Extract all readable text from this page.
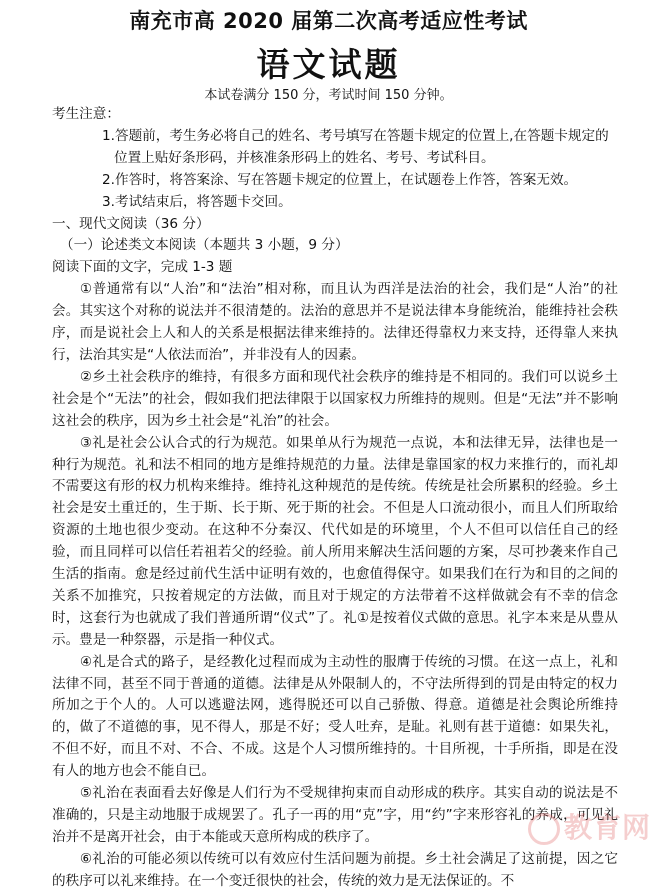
南充市高 2020 届第二次高考适应性考试
语文试题
本试卷满分 150 分，考试时间 150 分钟。

考生注意：

1.答题前，考生务必将自己的姓名、考号填写在答题卡规定的位置上,在答题卡规定的位置上贴好条形码，并核准条形码上的姓名、考号、考试科目。

2.作答时，将答案涂、写在答题卡规定的位置上，在试题卷上作答，答案无效。

3.考试结束后，将答题卡交回。

一、现代文阅读（36 分）

（一）论述类文本阅读（本题共 3 小题，9 分）

阅读下面的文字，完成 1-3 题

①普通常有以“人治”和“法治”相对称，而且认为西洋是法治的社会，我们是“人治”的社会。其实这个对称的说法并不很清楚的。法治的意思并不是说法律本身能统治，能维持社会秩序，而是说社会上人和人的关系是根据法律来维持的。法律还得靠权力来支持，还得靠人来执行，法治其实是“人依法而治”，并非没有人的因素。

②乡土社会秩序的维持，有很多方面和现代社会秩序的维持是不相同的。我们可以说乡土社会是个“无法”的社会，假如我们把法律限于以国家权力所维持的规则。但是“无法”并不影响这社会的秩序，因为乡土社会是“礼治”的社会。

③礼是社会公认合式的行为规范。如果单从行为规范一点说，本和法律无异，法律也是一种行为规范。礼和法不相同的地方是维持规范的力量。法律是靠国家的权力来推行的，而礼却不需要这有形的权力机构来维持。维持礼这种规范的是传统。传统是社会所累积的经验。乡土社会是安土重迁的，生于斯、长于斯、死于斯的社会。不但是人口流动很小，而且人们所取给资源的土地也很少变动。在这种不分秦汉、代代如是的环境里，个人不但可以信任自己的经验，而且同样可以信任若祖若父的经验。前人所用来解决生活问题的方案，尽可抄袭来作自己生活的指南。愈是经过前代生活中证明有效的，也愈值得保守。如果我们在行为和目的之间的关系不加推究，只按着规定的方法做，而且对于规定的方法带着不这样做就会有不幸的信念时，这套行为也就成了我们普通所谓“仪式”了。礼①是按着仪式做的意思。礼字本来是从豊从示。豊是一种祭器，示是指一种仪式。

④礼是合式的路子，是经教化过程而成为主动性的服膺于传统的习惯。在这一点上，礼和法律不同，甚至不同于普通的道德。法律是从外限制人的，不守法所得到的罚是由特定的权力所加之于个人的。人可以逃避法网，逃得脱还可以自己骄傲、得意。道德是社会舆论所维持的，做了不道德的事，见不得人，那是不好；受人吐弃，是耻。礼则有甚于道德：如果失礼，不但不好，而且不对、不合、不成。这是个人习惯所维持的。十目所视，十手所指，即是在没有人的地方也会不能自已。

⑤礼治在表面看去好像是人们行为不受规律拘束而自动形成的秩序。其实自动的说法是不准确的，只是主动地服于成规罢了。孔子一再的用“克”字，用“约”字来形容礼的养成，可见礼治并不是离开社会，由于本能或天意所构成的秩序了。

⑥礼治的可能必须以传统可以有效应付生活问题为前提。乡土社会满足了这前提，因之它的秩序可以礼来维持。在一个变迁很快的社会，传统的效力是无法保证的。不

教育网
